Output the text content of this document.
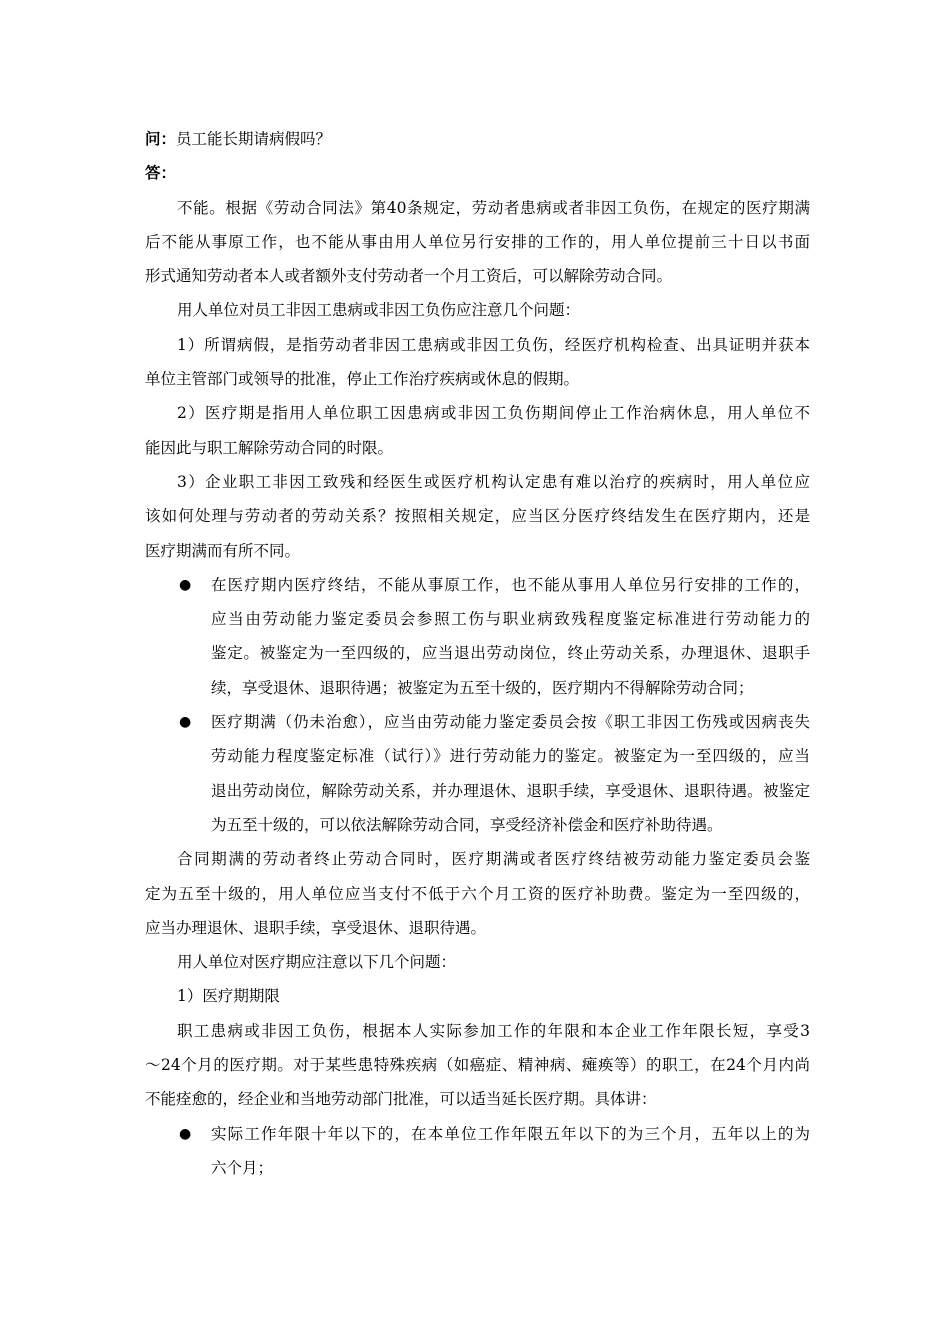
问：员工能长期请病假吗？
答：
不能。根据《劳动合同法》第40条规定，劳动者患病或者非因工负伤，在规定的医疗期满
后不能从事原工作，也不能从事由用人单位另行安排的工作的，用人单位提前三十日以书面
形式通知劳动者本人或者额外支付劳动者一个月工资后，可以解除劳动合同。
用人单位对员工非因工患病或非因工负伤应注意几个问题：
1）所谓病假，是指劳动者非因工患病或非因工负伤，经医疗机构检查、出具证明并获本
单位主管部门或领导的批准，停止工作治疗疾病或休息的假期。
2）医疗期是指用人单位职工因患病或非因工负伤期间停止工作治病休息，用人单位不
能因此与职工解除劳动合同的时限。
3）企业职工非因工致残和经医生或医疗机构认定患有难以治疗的疾病时，用人单位应
该如何处理与劳动者的劳动关系？按照相关规定，应当区分医疗终结发生在医疗期内，还是
医疗期满而有所不同。
● 在医疗期内医疗终结，不能从事原工作，也不能从事用人单位另行安排的工作的，
应当由劳动能力鉴定委员会参照工伤与职业病致残程度鉴定标准进行劳动能力的
鉴定。被鉴定为一至四级的，应当退出劳动岗位，终止劳动关系，办理退休、退职手
续，享受退休、退职待遇；被鉴定为五至十级的，医疗期内不得解除劳动合同；
● 医疗期满（仍未治愈），应当由劳动能力鉴定委员会按《职工非因工伤残或因病丧失
劳动能力程度鉴定标准（试行）》进行劳动能力的鉴定。被鉴定为一至四级的，应当
退出劳动岗位，解除劳动关系，并办理退休、退职手续，享受退休、退职待遇。被鉴定
为五至十级的，可以依法解除劳动合同，享受经济补偿金和医疗补助待遇。
合同期满的劳动者终止劳动合同时，医疗期满或者医疗终结被劳动能力鉴定委员会鉴
定为五至十级的，用人单位应当支付不低于六个月工资的医疗补助费。鉴定为一至四级的，
应当办理退休、退职手续，享受退休、退职待遇。
用人单位对医疗期应注意以下几个问题：
1）医疗期期限
职工患病或非因工负伤，根据本人实际参加工作的年限和本企业工作年限长短，享受3
～24个月的医疗期。对于某些患特殊疾病（如癌症、精神病、瘫痪等）的职工，在24个月内尚
不能痊愈的，经企业和当地劳动部门批准，可以适当延长医疗期。具体讲：
● 实际工作年限十年以下的，在本单位工作年限五年以下的为三个月，五年以上的为
六个月；
